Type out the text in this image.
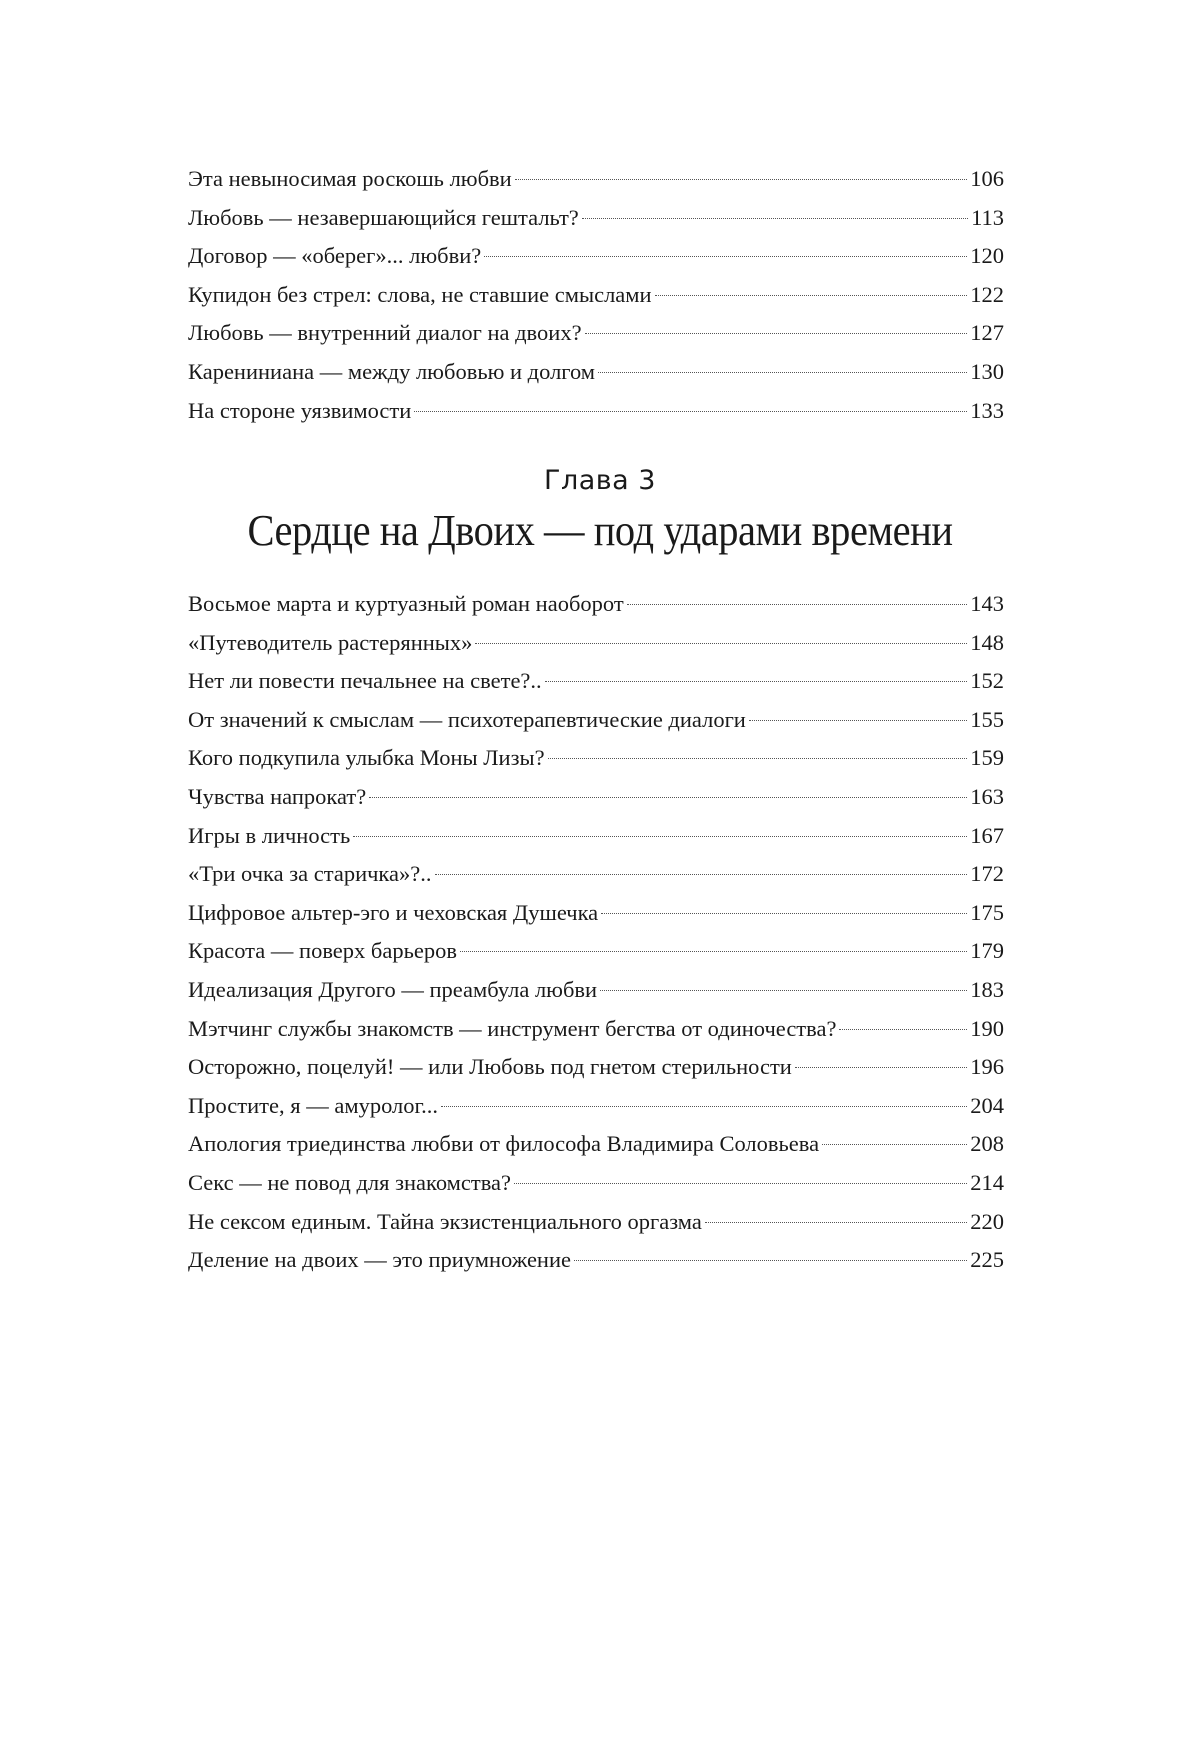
Эта невыносимая роскошь любви	106
Любовь — незавершающийся гештальт?	113
Договор — «оберег»... любви?	120
Купидон без стрел: слова, не ставшие смыслами	122
Любовь — внутренний диалог на двоих?	127
Карениниана — между любовью и долгом	130
На стороне уязвимости	133
Глава 3
Сердце на Двоих — под ударами времени
Восьмое марта и куртуазный роман наоборот	143
«Путеводитель растерянных»	148
Нет ли повести печальнее на свете?..	152
От значений к смыслам — психотерапевтические диалоги	155
Кого подкупила улыбка Моны Лизы?	159
Чувства напрокат?	163
Игры в личность	167
«Три очка за старичка»?..	172
Цифровое альтер-эго и чеховская Душечка	175
Красота — поверх барьеров	179
Идеализация Другого — преамбула любви	183
Мэтчинг службы знакомств — инструмент бегства от одиночества?	190
Осторожно, поцелуй! — или Любовь под гнетом стерильности	196
Простите, я — амуролог...	204
Апология триединства любви от философа Владимира Соловьева	208
Секс — не повод для знакомства?	214
Не сексом единым. Тайна экзистенциального оргазма	220
Деление на двоих — это приумножение	225
